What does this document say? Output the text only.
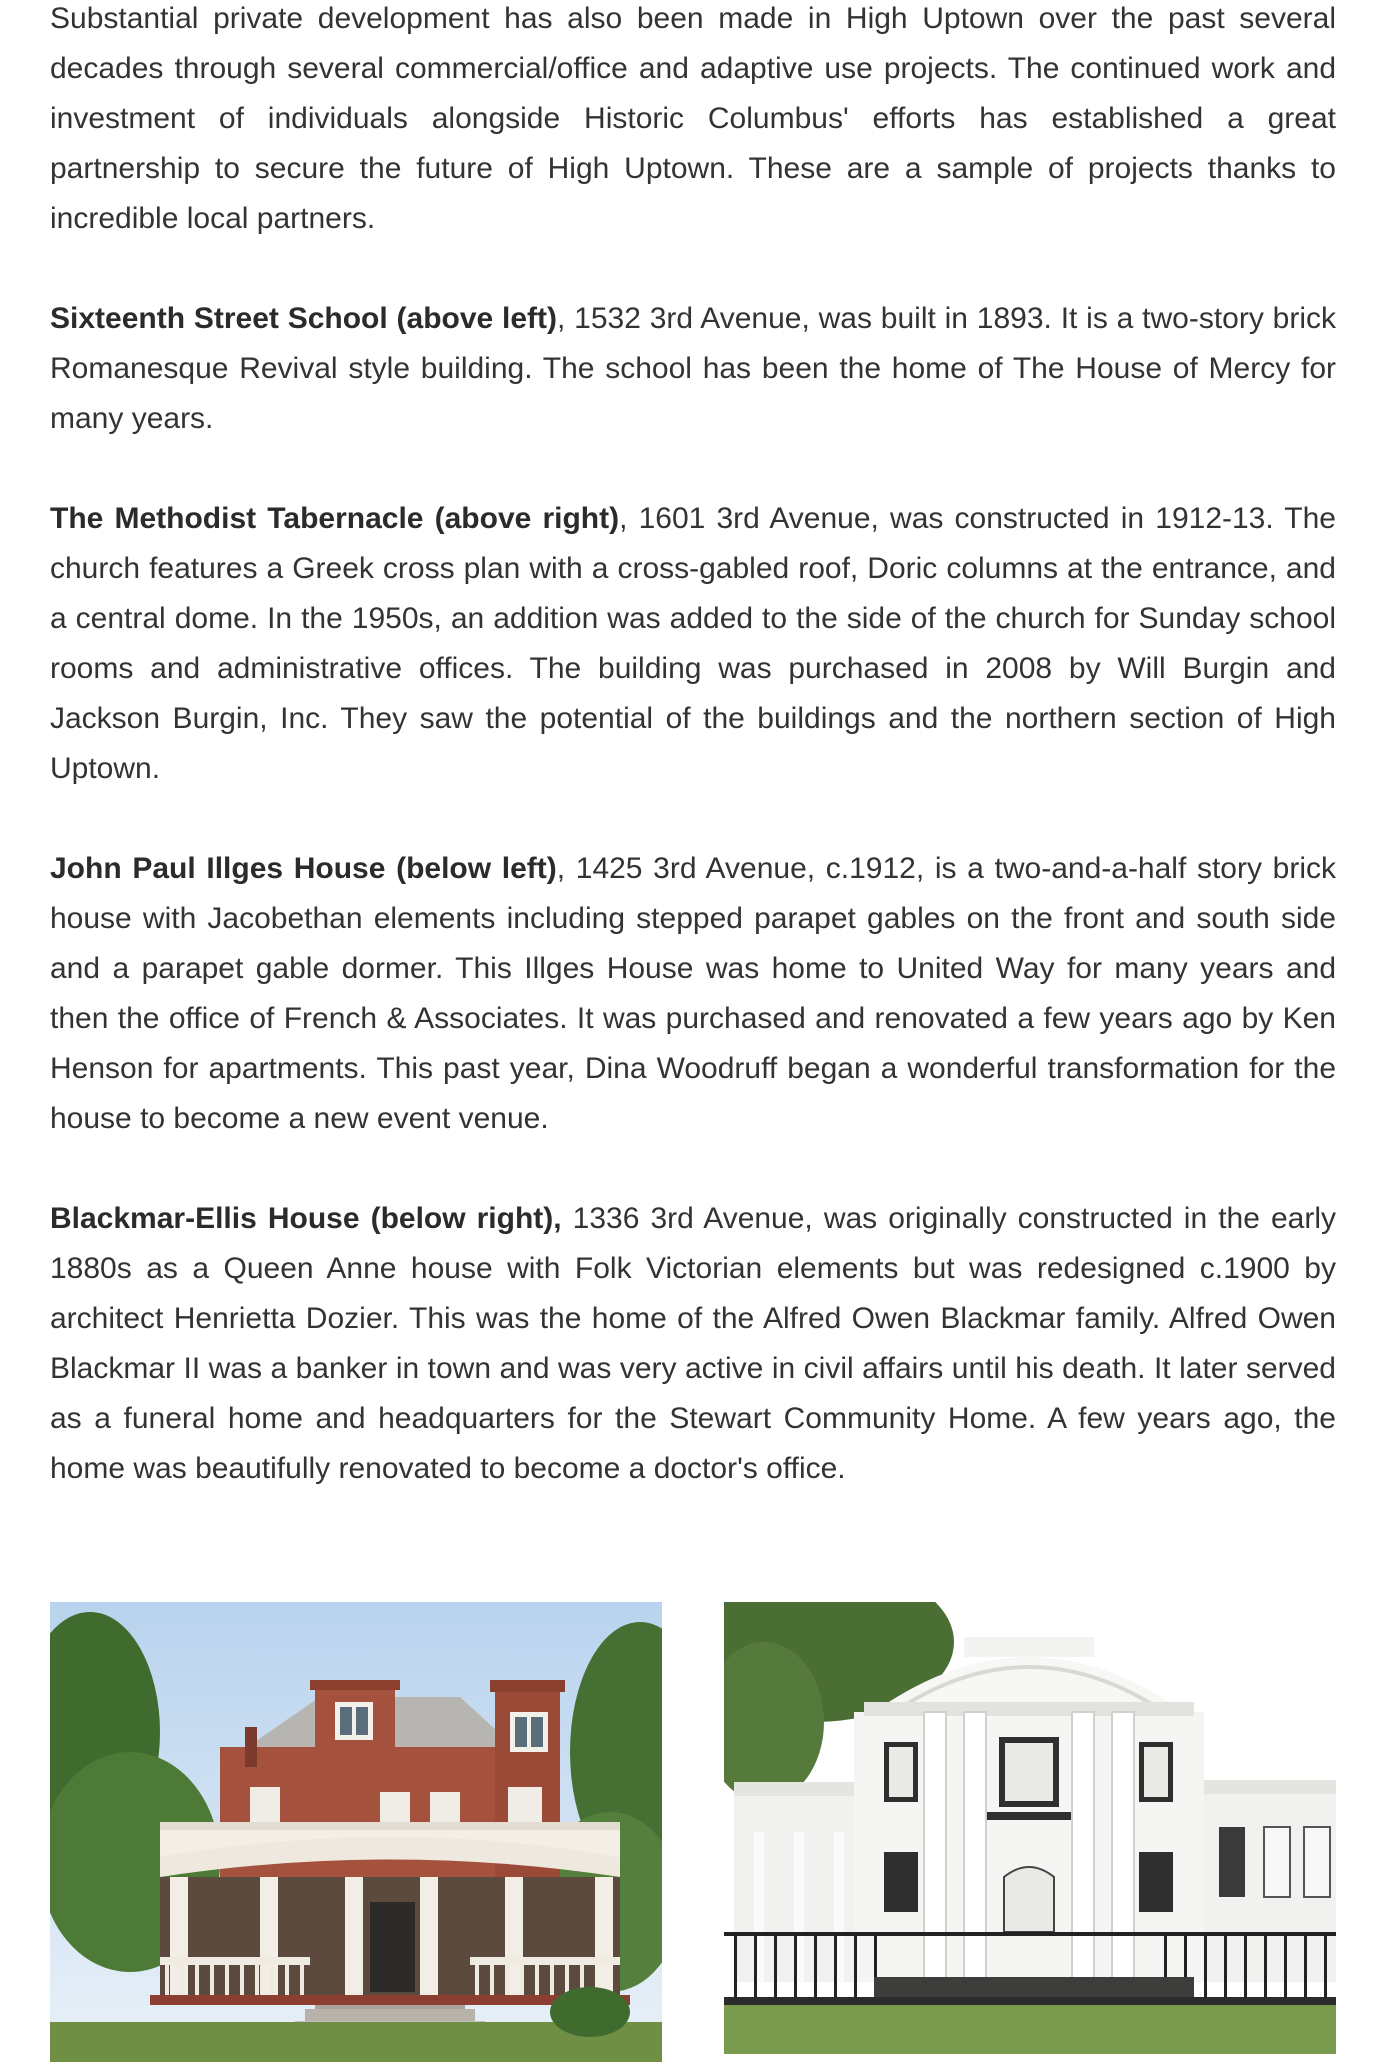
Substantial private development has also been made in High Uptown over the past several decades through several commercial/office and adaptive use projects. The continued work and investment of individuals alongside Historic Columbus' efforts has established a great partnership to secure the future of High Uptown. These are a sample of projects thanks to incredible local partners.

Sixteenth Street School (above left), 1532 3rd Avenue, was built in 1893. It is a two-story brick Romanesque Revival style building. The school has been the home of The House of Mercy for many years.

The Methodist Tabernacle (above right), 1601 3rd Avenue, was constructed in 1912-13. The church features a Greek cross plan with a cross-gabled roof, Doric columns at the entrance, and a central dome. In the 1950s, an addition was added to the side of the church for Sunday school rooms and administrative offices. The building was purchased in 2008 by Will Burgin and Jackson Burgin, Inc. They saw the potential of the buildings and the northern section of High Uptown.

John Paul Illges House (below left), 1425 3rd Avenue, c.1912, is a two-and-a-half story brick house with Jacobethan elements including stepped parapet gables on the front and south side and a parapet gable dormer. This Illges House was home to United Way for many years and then the office of French & Associates. It was purchased and renovated a few years ago by Ken Henson for apartments. This past year, Dina Woodruff began a wonderful transformation for the house to become a new event venue.

Blackmar-Ellis House (below right), 1336 3rd Avenue, was originally constructed in the early 1880s as a Queen Anne house with Folk Victorian elements but was redesigned c.1900 by architect Henrietta Dozier. This was the home of the Alfred Owen Blackmar family. Alfred Owen Blackmar II was a banker in town and was very active in civil affairs until his death. It later served as a funeral home and headquarters for the Stewart Community Home. A few years ago, the home was beautifully renovated to become a doctor's office.
